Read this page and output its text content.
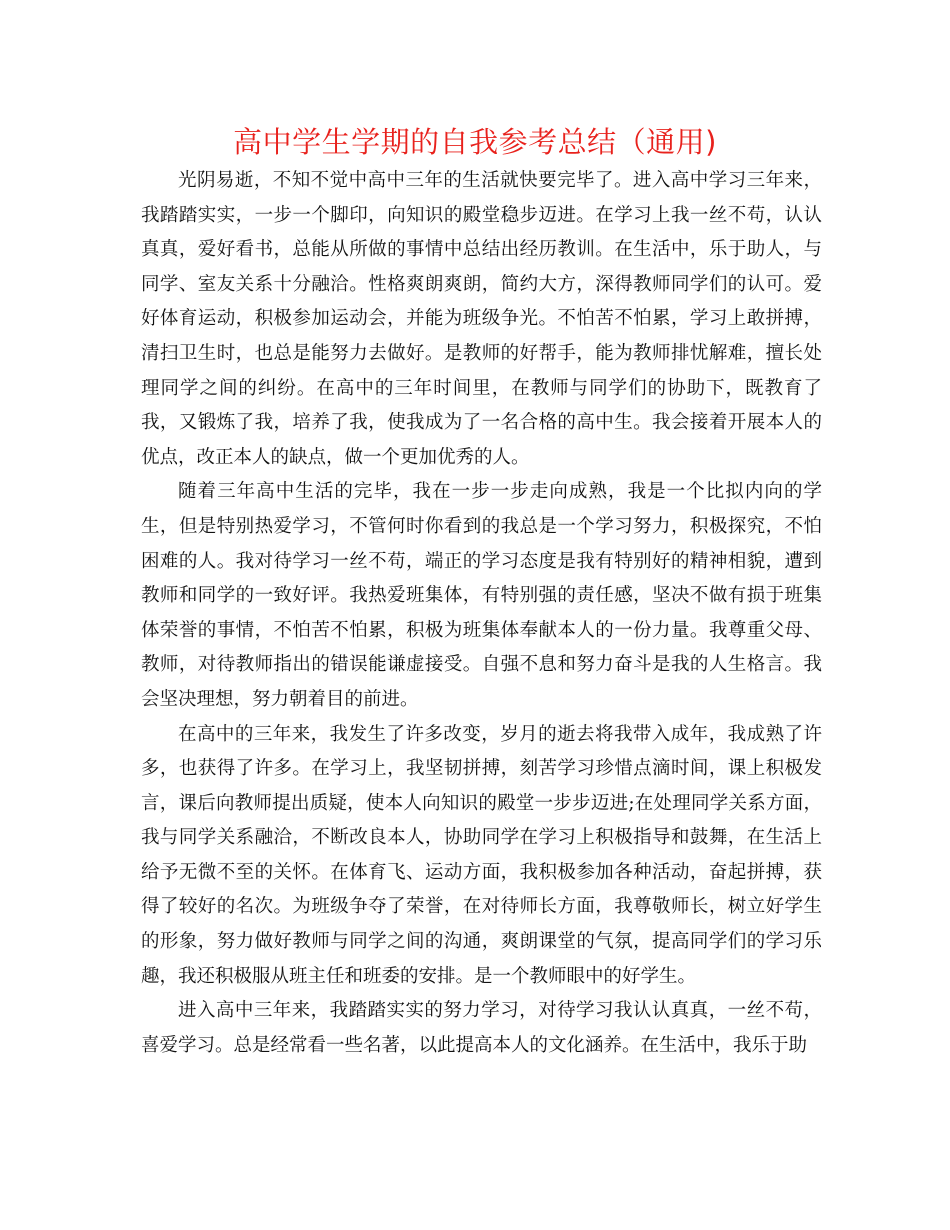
高中学生学期的自我参考总结（通用)

光阴易逝，不知不觉中高中三年的生活就快要完毕了。进入高中学习三年来，我踏踏实实，一步一个脚印，向知识的殿堂稳步迈进。在学习上我一丝不苟，认认真真，爱好看书，总能从所做的事情中总结出经历教训。在生活中，乐于助人，与同学、室友关系十分融洽。性格爽朗爽朗，简约大方，深得教师同学们的认可。爱好体育运动，积极参加运动会，并能为班级争光。不怕苦不怕累，学习上敢拼搏，清扫卫生时，也总是能努力去做好。是教师的好帮手，能为教师排忧解难，擅长处理同学之间的纠纷。在高中的三年时间里，在教师与同学们的协助下，既教育了我，又锻炼了我，培养了我，使我成为了一名合格的高中生。我会接着开展本人的优点，改正本人的缺点，做一个更加优秀的人。

随着三年高中生活的完毕，我在一步一步走向成熟，我是一个比拟内向的学生，但是特别热爱学习，不管何时你看到的我总是一个学习努力，积极探究，不怕困难的人。我对待学习一丝不苟，端正的学习态度是我有特别好的精神相貌，遭到教师和同学的一致好评。我热爱班集体，有特别强的责任感，坚决不做有损于班集体荣誉的事情，不怕苦不怕累，积极为班集体奉献本人的一份力量。我尊重父母、教师，对待教师指出的错误能谦虚接受。自强不息和努力奋斗是我的人生格言。我会坚决理想，努力朝着目的前进。

在高中的三年来，我发生了许多改变，岁月的逝去将我带入成年，我成熟了许多，也获得了许多。在学习上，我坚韧拼搏，刻苦学习珍惜点滴时间，课上积极发言，课后向教师提出质疑，使本人向知识的殿堂一步步迈进;在处理同学关系方面，我与同学关系融洽，不断改良本人，协助同学在学习上积极指导和鼓舞，在生活上给予无微不至的关怀。在体育飞、运动方面，我积极参加各种活动，奋起拼搏，获得了较好的名次。为班级争夺了荣誉，在对待师长方面，我尊敬师长，树立好学生的形象，努力做好教师与同学之间的沟通，爽朗课堂的气氛，提高同学们的学习乐趣，我还积极服从班主任和班委的安排。是一个教师眼中的好学生。

进入高中三年来，我踏踏实实的努力学习，对待学习我认认真真，一丝不苟，喜爱学习。总是经常看一些名著，以此提高本人的文化涵养。在生活中，我乐于助
